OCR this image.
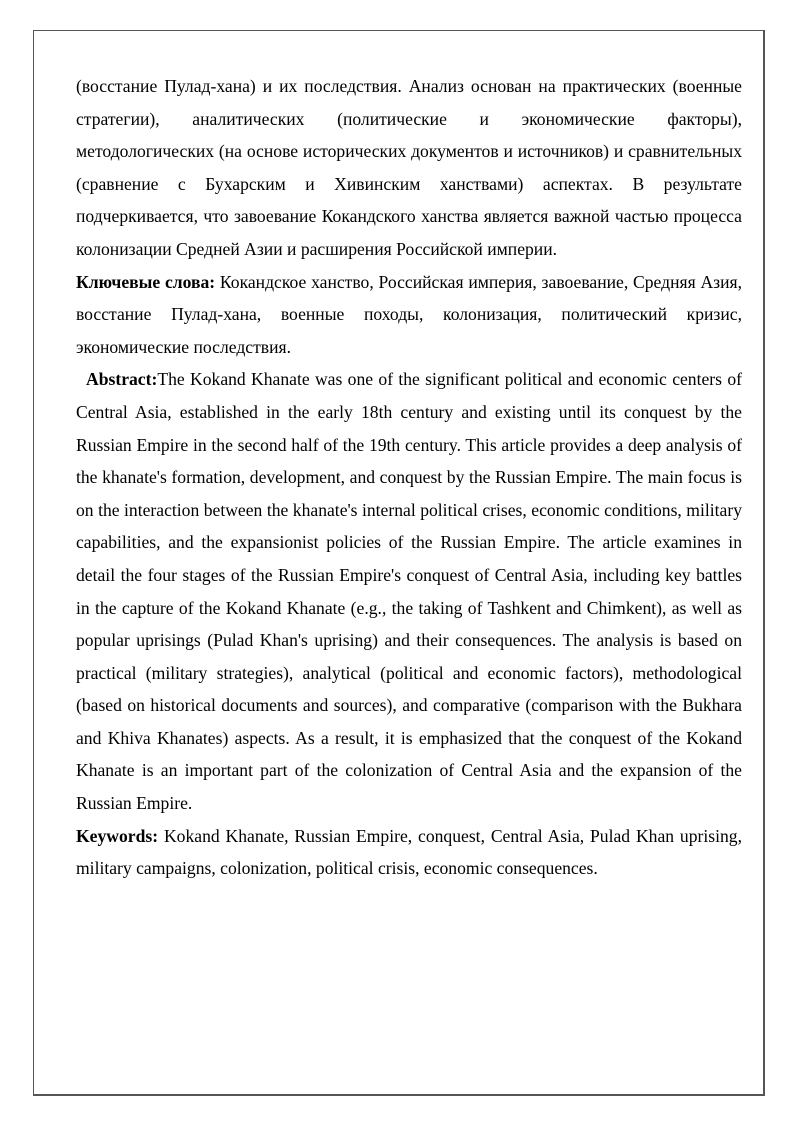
(восстание Пулад-хана) и их последствия. Анализ основан на практических (военные стратегии), аналитических (политические и экономические факторы), методологических (на основе исторических документов и источников) и сравнительных (сравнение с Бухарским и Хивинским ханствами) аспектах. В результате подчеркивается, что завоевание Кокандского ханства является важной частью процесса колонизации Средней Азии и расширения Российской империи.

Ключевые слова: Кокандское ханство, Российская империя, завоевание, Средняя Азия, восстание Пулад-хана, военные походы, колонизация, политический кризис, экономические последствия.

Abstract:The Kokand Khanate was one of the significant political and economic centers of Central Asia, established in the early 18th century and existing until its conquest by the Russian Empire in the second half of the 19th century. This article provides a deep analysis of the khanate's formation, development, and conquest by the Russian Empire. The main focus is on the interaction between the khanate's internal political crises, economic conditions, military capabilities, and the expansionist policies of the Russian Empire. The article examines in detail the four stages of the Russian Empire's conquest of Central Asia, including key battles in the capture of the Kokand Khanate (e.g., the taking of Tashkent and Chimkent), as well as popular uprisings (Pulad Khan's uprising) and their consequences. The analysis is based on practical (military strategies), analytical (political and economic factors), methodological (based on historical documents and sources), and comparative (comparison with the Bukhara and Khiva Khanates) aspects. As a result, it is emphasized that the conquest of the Kokand Khanate is an important part of the colonization of Central Asia and the expansion of the Russian Empire.

Keywords: Kokand Khanate, Russian Empire, conquest, Central Asia, Pulad Khan uprising, military campaigns, colonization, political crisis, economic consequences.
